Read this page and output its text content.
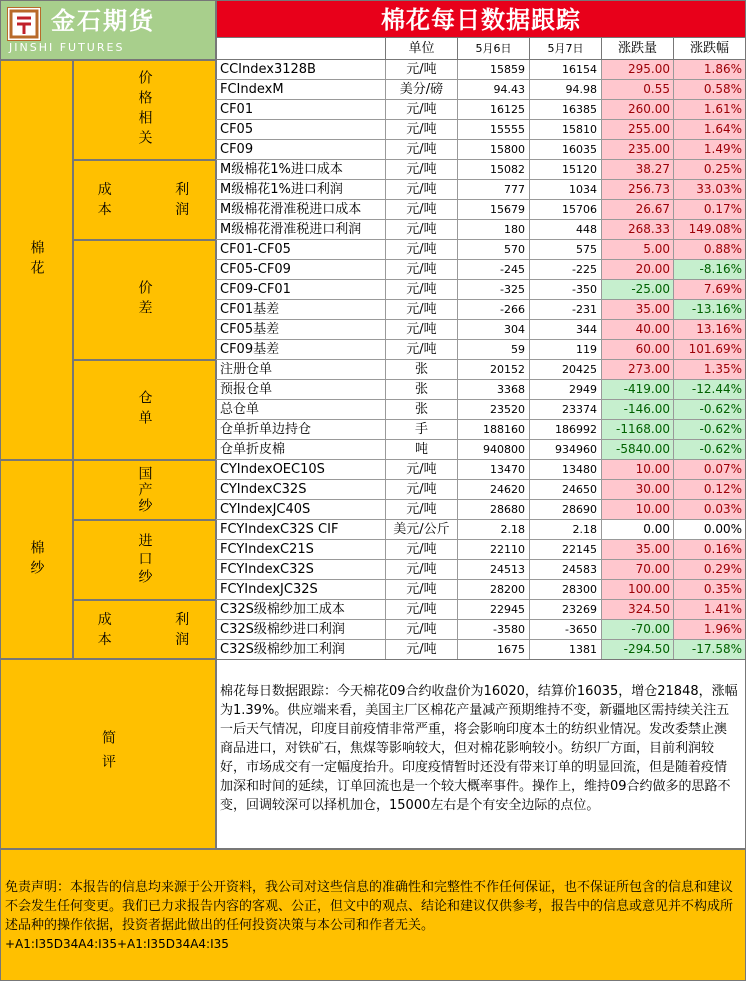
金石期货
JINSHI FUTURES
棉花每日数据跟踪
单位	5月6日	5月7日	涨跌量	涨跌幅
棉花
棉纱
价格相关
成本
利润
价差
仓单
国产纱
进口纱
成本
利润
CCIndex3128B	元/吨	15859	16154	295.00	1.86%
FCIndexM	美分/磅	94.43	94.98	0.55	0.58%
CF01	元/吨	16125	16385	260.00	1.61%
CF05	元/吨	15555	15810	255.00	1.64%
CF09	元/吨	15800	16035	235.00	1.49%
M级棉花1%进口成本	元/吨	15082	15120	38.27	0.25%
M级棉花1%进口利润	元/吨	777	1034	256.73	33.03%
M级棉花滑准税进口成本	元/吨	15679	15706	26.67	0.17%
M级棉花滑准税进口利润	元/吨	180	448	268.33	149.08%
CF01-CF05	元/吨	570	575	5.00	0.88%
CF05-CF09	元/吨	-245	-225	20.00	-8.16%
CF09-CF01	元/吨	-325	-350	-25.00	7.69%
CF01基差	元/吨	-266	-231	35.00	-13.16%
CF05基差	元/吨	304	344	40.00	13.16%
CF09基差	元/吨	59	119	60.00	101.69%
注册仓单	张	20152	20425	273.00	1.35%
预报仓单	张	3368	2949	-419.00	-12.44%
总仓单	张	23520	23374	-146.00	-0.62%
仓单折单边持仓	手	188160	186992	-1168.00	-0.62%
仓单折皮棉	吨	940800	934960	-5840.00	-0.62%
CYIndexOEC10S	元/吨	13470	13480	10.00	0.07%
CYIndexC32S	元/吨	24620	24650	30.00	0.12%
CYIndexJC40S	元/吨	28680	28690	10.00	0.03%
FCYIndexC32S CIF	美元/公斤	2.18	2.18	0.00	0.00%
FCYIndexC21S	元/吨	22110	22145	35.00	0.16%
FCYIndexC32S	元/吨	24513	24583	70.00	0.29%
FCYIndexJC32S	元/吨	28200	28300	100.00	0.35%
C32S级棉纱加工成本	元/吨	22945	23269	324.50	1.41%
C32S级棉纱进口利润	元/吨	-3580	-3650	-70.00	1.96%
C32S级棉纱加工利润	元/吨	1675	1381	-294.50	-17.58%
简评
棉花每日数据跟踪：今天棉花09合约收盘价为16020，结算价16035，增仓21848，涨幅为1.39%。供应端来看，美国主厂区棉花产量减产预期维持不变，新疆地区需持续关注五一后天气情况，印度目前疫情非常严重，将会影响印度本土的纺织业情况。发改委禁止澳商品进口，对铁矿石，焦煤等影响较大，但对棉花影响较小。纺织厂方面，目前利润较好，市场成交有一定幅度抬升。印度疫情暂时还没有带来订单的明显回流，但是随着疫情加深和时间的延续，订单回流也是一个较大概率事件。操作上，维持09合约做多的思路不变，回调较深可以择机加仓，15000左右是个有安全边际的点位。
免责声明：本报告的信息均来源于公开资料，我公司对这些信息的准确性和完整性不作任何保证，也不保证所包含的信息和建议不会发生任何变更。我们已力求报告内容的客观、公正，但文中的观点、结论和建议仅供参考，报告中的信息或意见并不构成所述品种的操作依据，投资者据此做出的任何投资决策与本公司和作者无关。
+A1:I35D34A4:I35+A1:I35D34A4:I35
